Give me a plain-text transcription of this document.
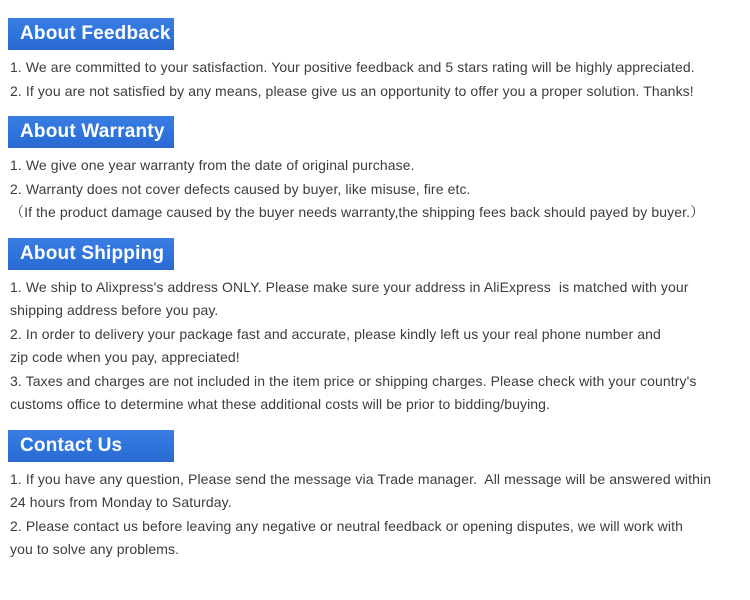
About Feedback

1. We are committed to your satisfaction. Your positive feedback and 5 stars rating will be highly appreciated.

2. If you are not satisfied by any means, please give us an opportunity to offer you a proper solution. Thanks!

About Warranty

1. We give one year warranty from the date of original purchase.

2. Warranty does not cover defects caused by buyer, like misuse, fire etc.

（If the product damage caused by the buyer needs warranty,the shipping fees back should payed by buyer.）

About Shipping

1. We ship to Alixpress's address ONLY. Please make sure your address in AliExpress  is matched with your

shipping address before you pay.

2. In order to delivery your package fast and accurate, please kindly left us your real phone number and

zip code when you pay, appreciated!

3. Taxes and charges are not included in the item price or shipping charges. Please check with your country's

customs office to determine what these additional costs will be prior to bidding/buying.

Contact Us

1. If you have any question, Please send the message via Trade manager.  All message will be answered within

24 hours from Monday to Saturday.

2. Please contact us before leaving any negative or neutral feedback or opening disputes, we will work with

you to solve any problems.
